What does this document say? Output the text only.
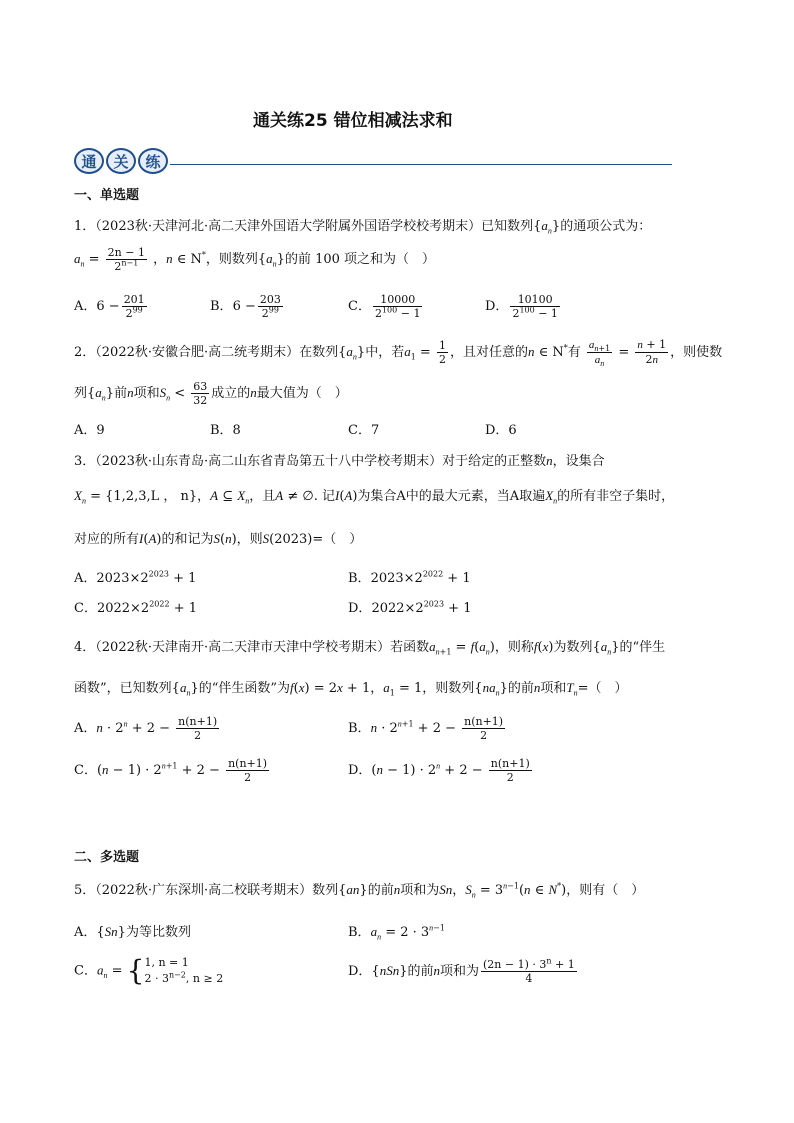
通关练25 错位相减法求和
通	关	练
一、单选题
1．（2023秋·天津河北·高二天津外国语大学附属外国语学校校考期末）已知数列$\{a_n\}$的通项公式为：
$a_n = \frac{2n - 1}{2^{n-1}}$ ，n ∈ N*，则数列$\{a_n\}$的前 100 项之和为（　）
A．$6 - \frac{201}{2^{99}}$	B．$6 - \frac{203}{2^{99}}$	C． $\frac{10000}{2^{100} - 1}$	D． $\frac{10100}{2^{100} - 1}$
2．（2022秋·安徽合肥·高二统考期末）在数列$\{a_n\}$中，若$a_1 = \frac{1}{2}$ ，且对任意的n ∈ N*有 $\frac{a_{n+1}}{a_n} = \frac{n + 1}{2n}$ ，则使数
列$\{a_n\}$前n项和$S_n < \frac{63}{32}$ 成立的n最大值为（　）
A．9	B．8	C．7	D．6
3．（2023秋·山东青岛·高二山东省青岛第五十八中学校考期末）对于给定的正整数n，设集合
$X_n = \{1,2,3,L$ ， n}，A ⊆ $X_n$，且A ≠ ∅. 记I(A)为集合A中的最大元素，当A取遍$X_n$的所有非空子集时，
对应的所有I(A)的和记为S(n)，则S(2023)=（　）
A．$2023\times 2^{2023} + 1$	B．$2023\times 2^{2022} + 1$
C．$2022\times 2^{2022} + 1$	D．$2022\times 2^{2023} + 1$
4．（2022秋·天津南开·高二天津市天津中学校考期末）若函数$a_{n+1} = f(a_n)$，则称f(x)为数列$\{a_n\}$的“伴生
函数”，已知数列$\{a_n\}$的“伴生函数”为f(x) = 2x + 1，$a_1 = 1$，则数列$\{na_n\}$的前n项和$T_n=$（　）
A．$n \cdot 2^n + 2 - \frac{n(n+1)}{2}$	B．$n \cdot 2^{n+1} + 2 - \frac{n(n+1)}{2}$
C．$(n - 1) \cdot 2^{n+1} + 2 - \frac{n(n+1)}{2}$	D．$(n - 1) \cdot 2^n + 2 - \frac{n(n+1)}{2}$
二、多选题
5．（2022秋·广东深圳·高二校联考期末）数列{an}的前n项和为Sn，$S_n = 3^{n-1}(n$ ∈ N*)，则有（　）
A．{Sn}为等比数列	B．$a_n = 2 \cdot 3^{n-1}$
C．$a_n$ = { 1, n = 1
$2 \cdot 3^{n-2}$, n ≥ 2	D．{nSn}的前n项和为 $\frac{(2n - 1) \cdot 3^n + 1}{4}$
